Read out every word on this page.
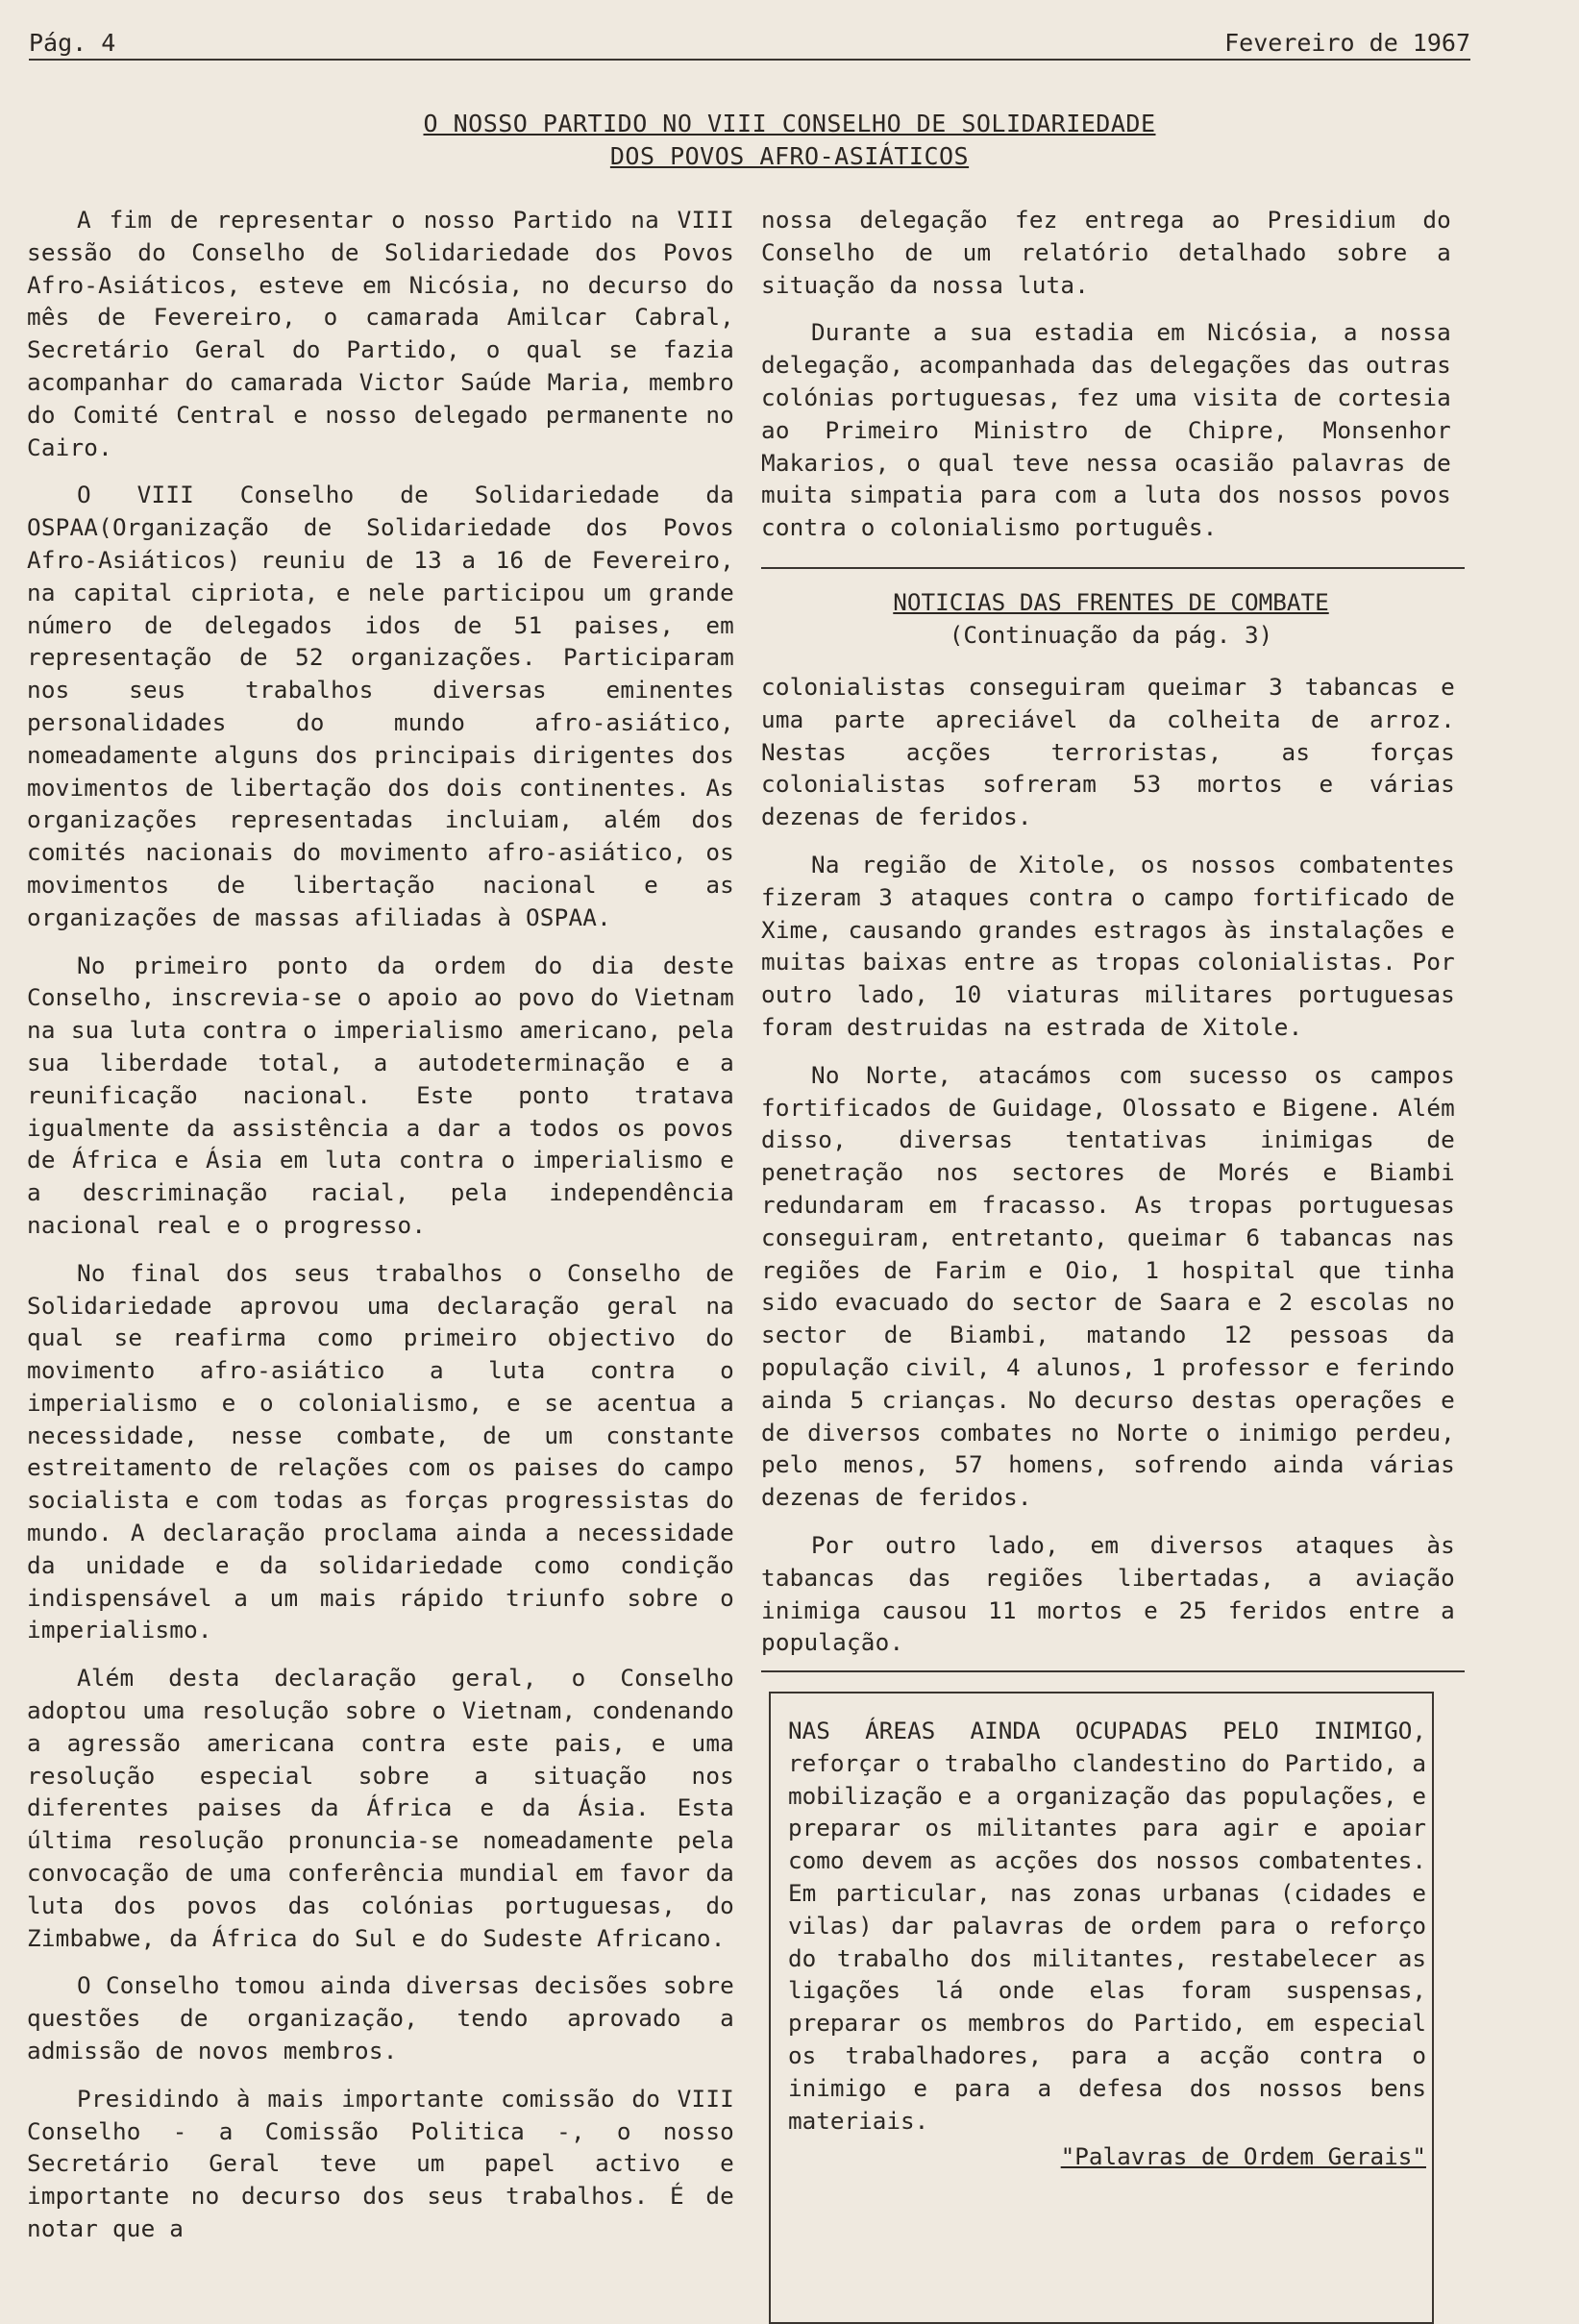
Pág. 4	Fevereiro de 1967
O NOSSO PARTIDO NO VIII CONSELHO DE SOLIDARIEDADE
DOS POVOS AFRO-ASIÁTICOS

A fim de representar o nosso Partido na VIII sessão do Conselho de Solidariedade dos Povos Afro-Asiáticos, esteve em Nicósia, no decurso do mês de Fevereiro, o camarada Amilcar Cabral, Secretário Geral do Partido, o qual se fazia acompanhar do camarada Victor Saúde Maria, membro do Comité Central e nosso delegado permanente no Cairo.

O VIII Conselho de Solidariedade da OSPAA(Organização de Solidariedade dos Povos Afro-Asiáticos) reuniu de 13 a 16 de Fevereiro, na capital cipriota, e nele participou um grande número de delegados idos de 51 paises, em representação de 52 organizações. Participaram nos seus trabalhos diversas eminentes personalidades do mundo afro-asiático, nomeadamente alguns dos principais dirigentes dos movimentos de libertação dos dois continentes. As organizações representadas incluiam, além dos comités nacionais do movimento afro-asiático, os movimentos de libertação nacional e as organizações de massas afiliadas à OSPAA.

No primeiro ponto da ordem do dia deste Conselho, inscrevia-se o apoio ao povo do Vietnam na sua luta contra o imperialismo americano, pela sua liberdade total, a autodeterminação e a reunificação nacional. Este ponto tratava igualmente da assistência a dar a todos os povos de África e Ásia em luta contra o imperialismo e a descriminação racial, pela independência nacional real e o progresso.

No final dos seus trabalhos o Conselho de Solidariedade aprovou uma declaração geral na qual se reafirma como primeiro objectivo do movimento afro-asiático a luta contra o imperialismo e o colonialismo, e se acentua a necessidade, nesse combate, de um constante estreitamento de relações com os paises do campo socialista e com todas as forças progressistas do mundo. A declaração proclama ainda a necessidade da unidade e da solidariedade como condição indispensável a um mais rápido triunfo sobre o imperialismo.

Além desta declaração geral, o Conselho adoptou uma resolução sobre o Vietnam, condenando a agressão americana contra este pais, e uma resolução especial sobre a situação nos diferentes paises da África e da Ásia. Esta última resolução pronuncia-se nomeadamente pela convocação de uma conferência mundial em favor da luta dos povos das colónias portuguesas, do Zimbabwe, da África do Sul e do Sudeste Africano.

O Conselho tomou ainda diversas decisões sobre questões de organização, tendo aprovado a admissão de novos membros.

Presidindo à mais importante comissão do VIII Conselho - a Comissão Politica -, o nosso Secretário Geral teve um papel activo e importante no decurso dos seus trabalhos. É de notar que a

nossa delegação fez entrega ao Presidium do Conselho de um relatório detalhado sobre a situação da nossa luta.

Durante a sua estadia em Nicósia, a nossa delegação, acompanhada das delegações das outras colónias portuguesas, fez uma visita de cortesia ao Primeiro Ministro de Chipre, Monsenhor Makarios, o qual teve nessa ocasião palavras de muita simpatia para com a luta dos nossos povos contra o colonialismo português.

NOTICIAS DAS FRENTES DE COMBATE
(Continuação da pág. 3)

colonialistas conseguiram queimar 3 tabancas e uma parte apreciável da colheita de arroz. Nestas acções terroristas, as forças colonialistas sofreram 53 mortos e várias dezenas de feridos.

Na região de Xitole, os nossos combatentes fizeram 3 ataques contra o campo fortificado de Xime, causando grandes estragos às instalações e muitas baixas entre as tropas colonialistas. Por outro lado, 10 viaturas militares portuguesas foram destruidas na estrada de Xitole.

No Norte, atacámos com sucesso os campos fortificados de Guidage, Olossato e Bigene. Além disso, diversas tentativas inimigas de penetração nos sectores de Morés e Biambi redundaram em fracasso. As tropas portuguesas conseguiram, entretanto, queimar 6 tabancas nas regiões de Farim e Oio, 1 hospital que tinha sido evacuado do sector de Saara e 2 escolas no sector de Biambi, matando 12 pessoas da população civil, 4 alunos, 1 professor e ferindo ainda 5 crianças. No decurso destas operações e de diversos combates no Norte o inimigo perdeu, pelo menos, 57 homens, sofrendo ainda várias dezenas de feridos.

Por outro lado, em diversos ataques às tabancas das regiões libertadas, a aviação inimiga causou 11 mortos e 25 feridos entre a população.

NAS ÁREAS AINDA OCUPADAS PELO INIMIGO, reforçar o trabalho clandestino do Partido, a mobilização e a organização das populações, e preparar os militantes para agir e apoiar como devem as acções dos nossos combatentes. Em particular, nas zonas urbanas (cidades e vilas) dar palavras de ordem para o reforço do trabalho dos militantes, restabelecer as ligações lá onde elas foram suspensas, preparar os membros do Partido, em especial os trabalhadores, para a acção contra o inimigo e para a defesa dos nossos bens materiais.

"Palavras de Ordem Gerais"
